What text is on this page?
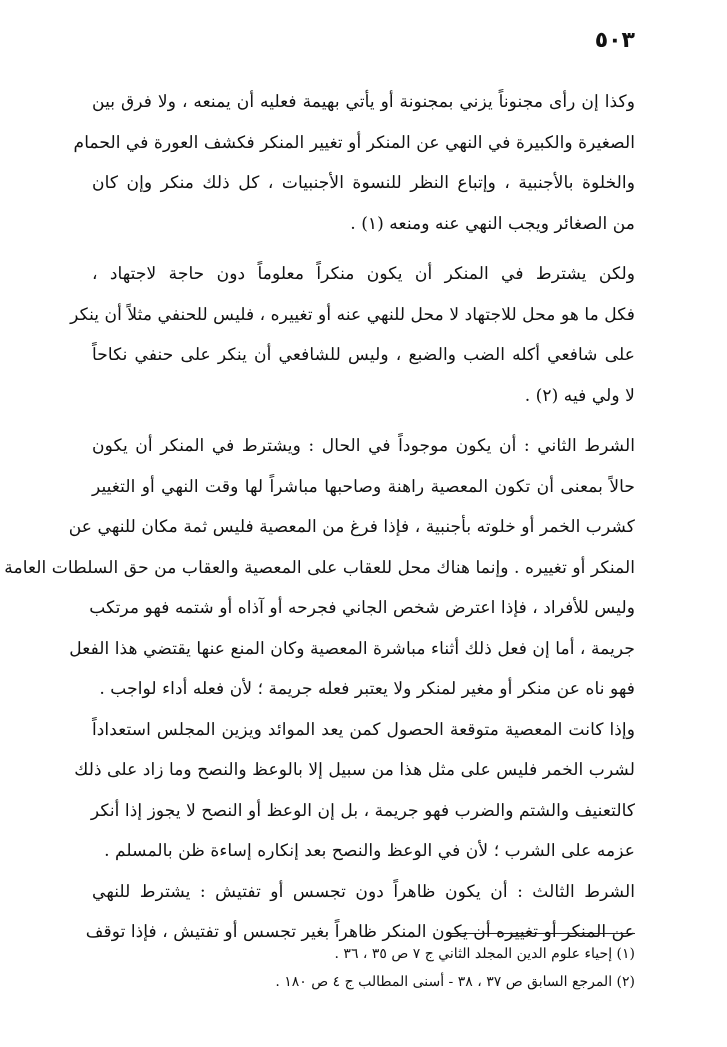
٥٠٣
وكذا إن رأى مجنوناً يزني بمجنونة أو يأتي بهيمة فعليه أن يمنعه ، ولا فرق بين
الصغيرة والكبيرة في النهي عن المنكر أو تغيير المنكر فكشف العورة في الحمام
والخلوة بالأجنبية ، وإتباع النظر للنسوة الأجنبيات ، كل ذلك منكر وإن كان
من الصغائر ويجب النهي عنه ومنعه (١) .
ولكن يشترط في المنكر أن يكون منكراً معلوماً دون حاجة لاجتهاد ،
فكل ما هو محل للاجتهاد لا محل للنهي عنه أو تغييره ، فليس للحنفي مثلاً أن ينكر
على شافعي أكله الضب والضبع ، وليس للشافعي أن ينكر على حنفي نكاحاً
لا ولي فيه (٢) .
الشرط الثاني : أن يكون موجوداً في الحال : ويشترط في المنكر أن يكون
حالاً بمعنى أن تكون المعصية راهنة وصاحبها مباشراً لها وقت النهي أو التغيير
كشرب الخمر أو خلوته بأجنبية ، فإذا فرغ من المعصية فليس ثمة مكان للنهي عن
المنكر أو تغييره . وإنما هناك محل للعقاب على المعصية والعقاب من حق السلطات العامة
وليس للأفراد ، فإذا اعترض شخص الجاني فجرحه أو آذاه أو شتمه فهو مرتكب
جريمة ، أما إن فعل ذلك أثناء مباشرة المعصية وكان المنع عنها يقتضي هذا الفعل
فهو ناه عن منكر أو مغير لمنكر ولا يعتبر فعله جريمة ؛ لأن فعله أداء لواجب .
وإذا كانت المعصية متوقعة الحصول كمن يعد الموائد ويزين المجلس استعداداً
لشرب الخمر فليس على مثل هذا من سبيل إلا بالوعظ والنصح وما زاد على ذلك
كالتعنيف والشتم والضرب فهو جريمة ، بل إن الوعظ أو النصح لا يجوز إذا أنكر
عزمه على الشرب ؛ لأن في الوعظ والنصح بعد إنكاره إساءة ظن بالمسلم .
الشرط الثالث : أن يكون ظاهراً دون تجسس أو تفتيش : يشترط للنهي
عن المنكر أو تغييره أن يكون المنكر ظاهراً بغير تجسس أو تفتيش ، فإذا توقف
(١) إحياء علوم الدين المجلد الثاني ج ٧ ص ٣٥ ، ٣٦ .
(٢) المرجع السابق ص ٣٧ ، ٣٨ - أسنى المطالب ج ٤ ص ١٨٠ .
